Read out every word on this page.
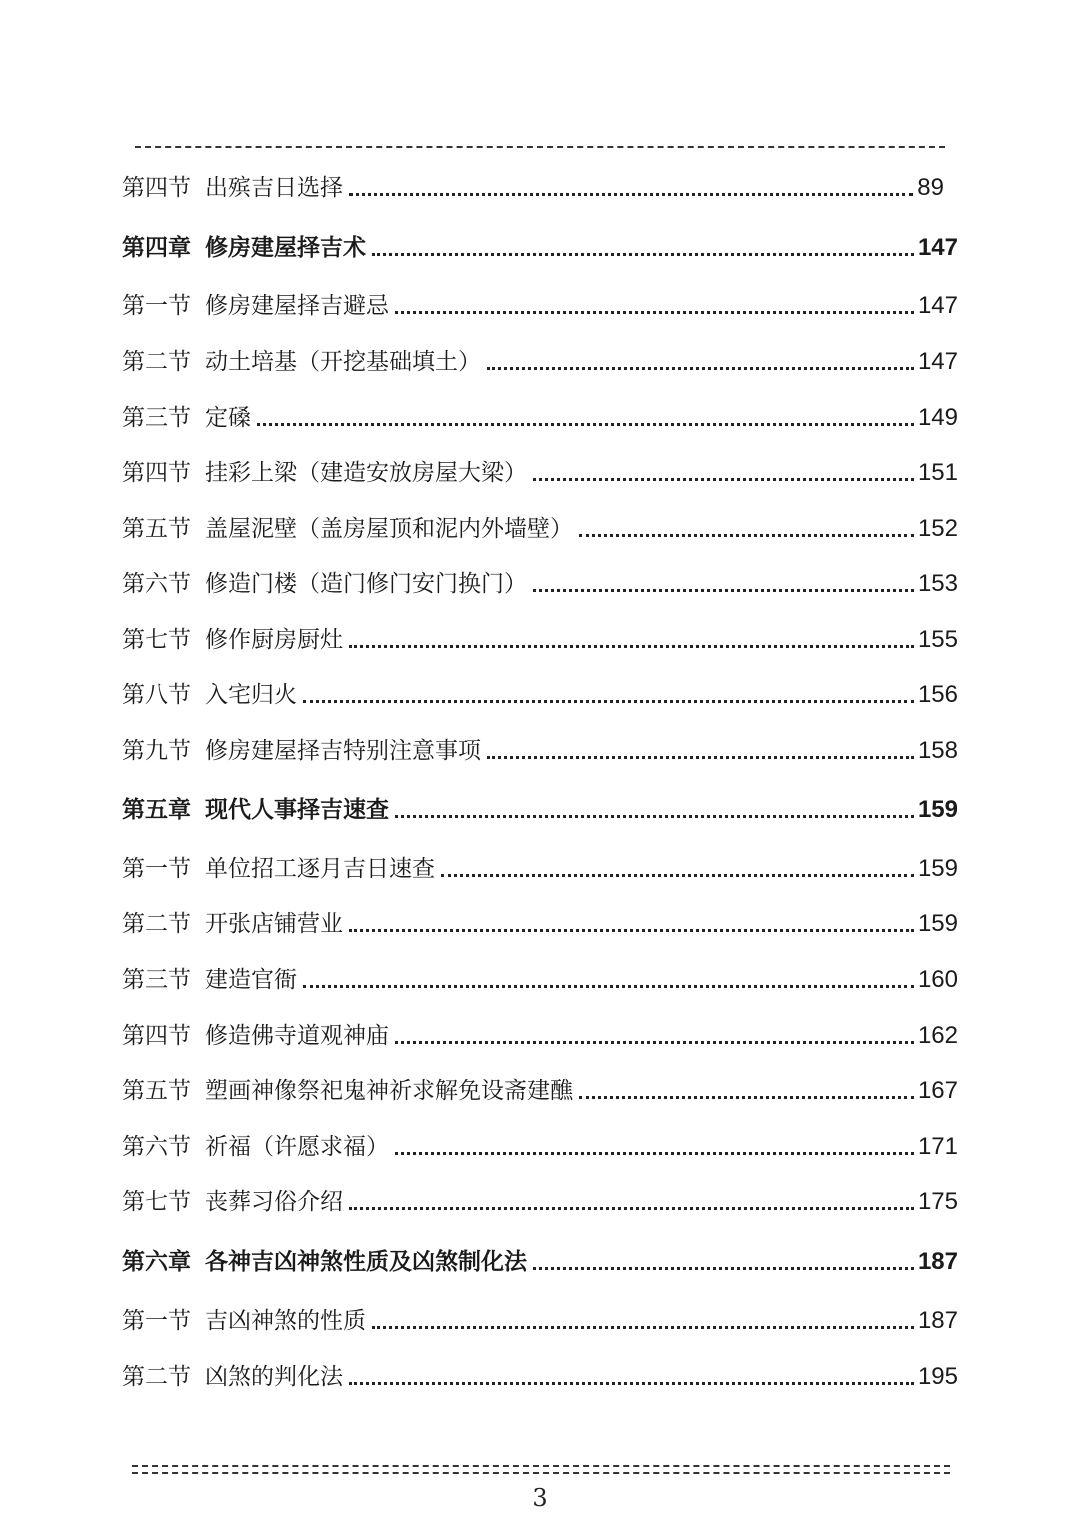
第四节 出殡吉日选择	89
第四章 修房建屋择吉术	147
第一节 修房建屋择吉避忌	147
第二节 动土培基（开挖基础填土）	147
第三节 定磉	149
第四节 挂彩上梁（建造安放房屋大梁）	151
第五节 盖屋泥壁（盖房屋顶和泥内外墙壁）	152
第六节 修造门楼（造门修门安门换门）	153
第七节 修作厨房厨灶	155
第八节 入宅归火	156
第九节 修房建屋择吉特别注意事项	158
第五章 现代人事择吉速查	159
第一节 单位招工逐月吉日速查	159
第二节 开张店铺营业	159
第三节 建造官衙	160
第四节 修造佛寺道观神庙	162
第五节 塑画神像祭祀鬼神祈求解免设斋建醮	167
第六节 祈福（许愿求福）	171
第七节 丧葬习俗介绍	175
第六章 各神吉凶神煞性质及凶煞制化法	187
第一节 吉凶神煞的性质	187
第二节 凶煞的判化法	195
3
